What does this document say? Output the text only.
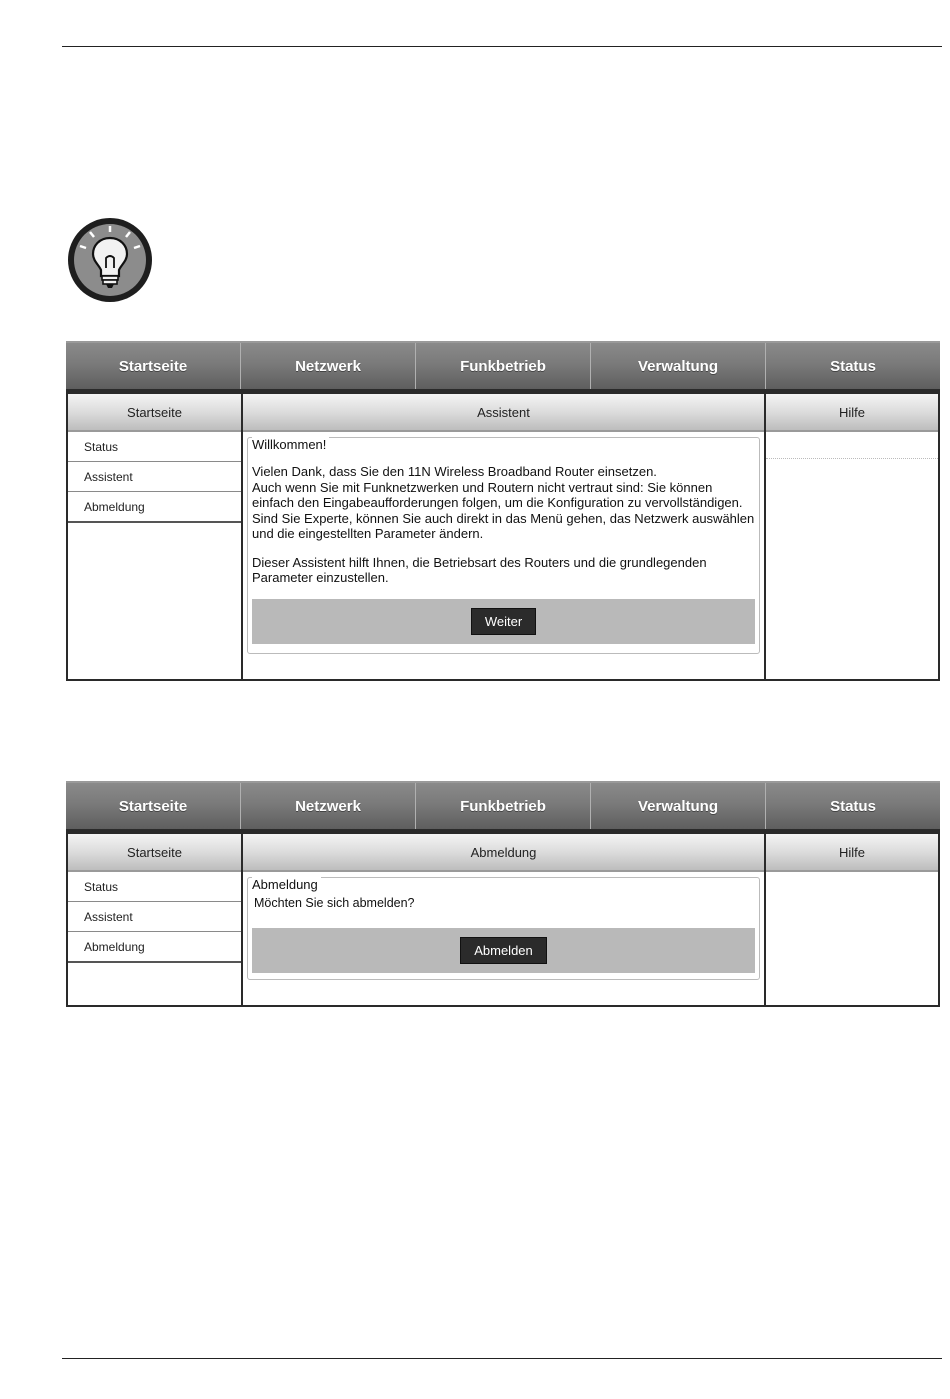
Startseite	Netzwerk	Funkbetrieb	Verwaltung	Status
Startseite
Status
Assistent
Abmeldung
Assistent
Willkommen!

Vielen Dank, dass Sie den 11N Wireless Broadband Router einsetzen.
Auch wenn Sie mit Funknetzwerken und Routern nicht vertraut sind: Sie können einfach den Eingabeaufforderungen folgen, um die Konfiguration zu vervollständigen. Sind Sie Experte, können Sie auch direkt in das Menü gehen, das Netzwerk auswählen und die eingestellten Parameter ändern.

Dieser Assistent hilft Ihnen, die Betriebsart des Routers und die grundlegenden Parameter einzustellen.

Weiter
Hilfe
Startseite	Netzwerk	Funkbetrieb	Verwaltung	Status
Startseite
Status
Assistent
Abmeldung
Abmeldung
Abmeldung
Möchten Sie sich abmelden?
Abmelden
Hilfe
